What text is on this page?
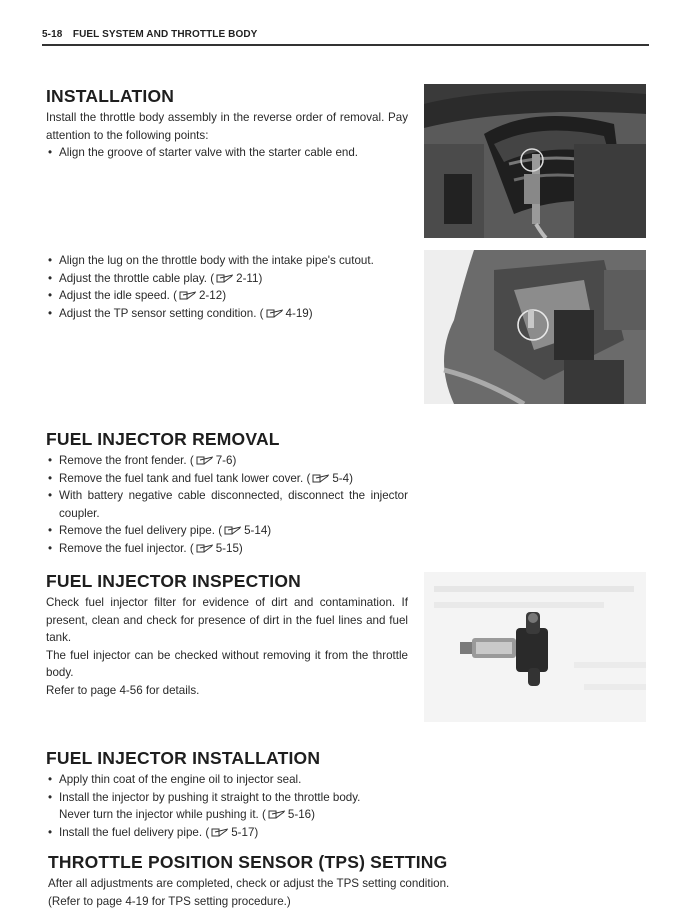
5-18 FUEL SYSTEM AND THROTTLE BODY
INSTALLATION

Install the throttle body assembly in the reverse order of removal. Pay attention to the following points:

• Align the groove of starter valve with the starter cable end.
• Align the lug on the throttle body with the intake pipe's cutout.
• Adjust the throttle cable play. ( 2-11)
• Adjust the idle speed. ( 2-12)
• Adjust the TP sensor setting condition. ( 4-19)
FUEL INJECTOR REMOVAL
• Remove the front fender. ( 7-6)
• Remove the fuel tank and fuel tank lower cover. ( 5-4)
• With battery negative cable disconnected, disconnect the injector coupler.
• Remove the fuel delivery pipe. ( 5-14)
• Remove the fuel injector. ( 5-15)
FUEL INJECTOR INSPECTION

Check fuel injector filter for evidence of dirt and contamination. If present, clean and check for presence of dirt in the fuel lines and fuel tank.

The fuel injector can be checked without removing it from the throttle body.

Refer to page 4-56 for details.

FUEL INJECTOR INSTALLATION
• Apply thin coat of the engine oil to injector seal.
• Install the injector by pushing it straight to the throttle body.
Never turn the injector while pushing it. ( 5-16)
• Install the fuel delivery pipe. ( 5-17)
THROTTLE POSITION SENSOR (TPS) SETTING

After all adjustments are completed, check or adjust the TPS setting condition.

(Refer to page 4-19 for TPS setting procedure.)
